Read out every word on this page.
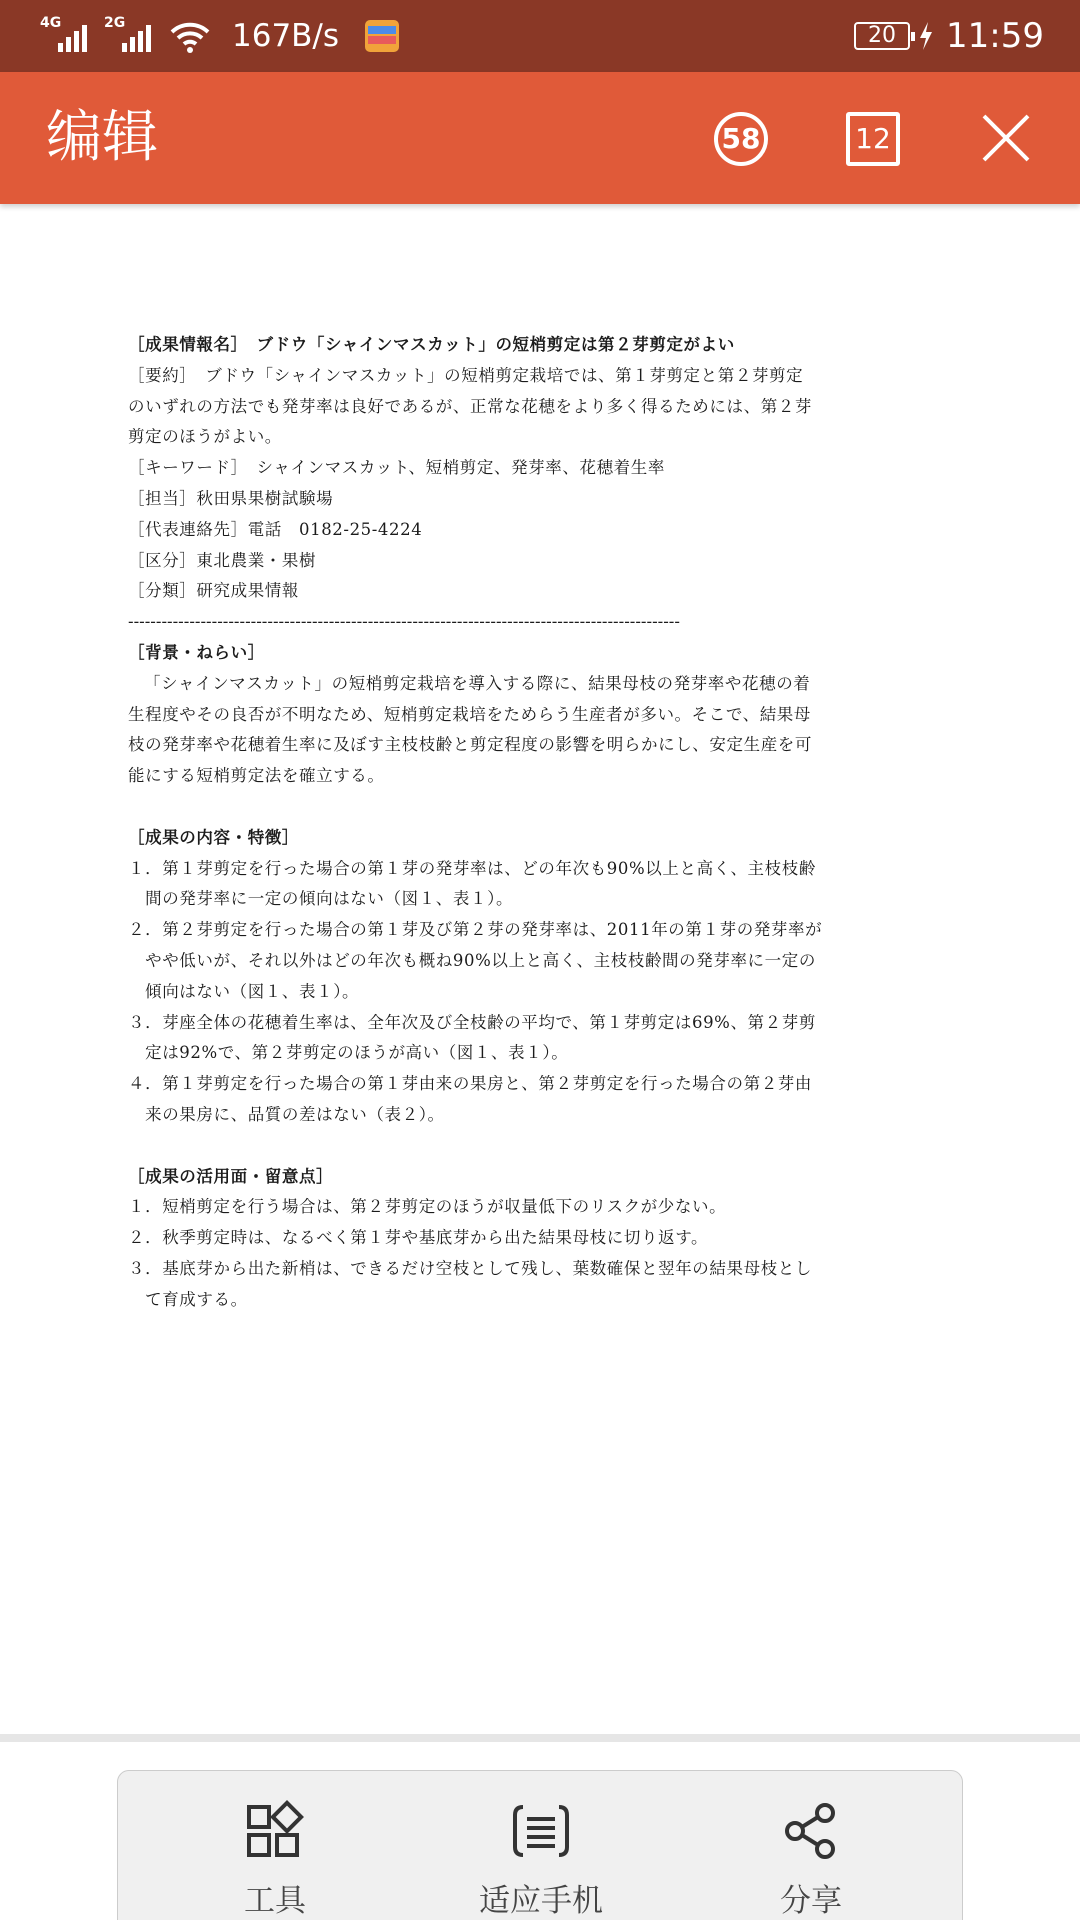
4G	2G	167B/s	20	11:59
编辑	58	12
［成果情報名］　ブドウ「シャインマスカット」の短梢剪定は第２芽剪定がよい
［要約］　ブドウ「シャインマスカット」の短梢剪定栽培では、第１芽剪定と第２芽剪定
のいずれの方法でも発芽率は良好であるが、正常な花穂をより多く得るためには、第２芽
剪定のほうがよい。
［キーワード］　シャインマスカット、短梢剪定、発芽率、花穂着生率
［担当］秋田県果樹試験場
［代表連絡先］電話　0182-25-4224
［区分］東北農業・果樹
［分類］研究成果情報
---------------------------------------------------------------------------------------------------
［背景・ねらい］
「シャインマスカット」の短梢剪定栽培を導入する際に、結果母枝の発芽率や花穂の着
生程度やその良否が不明なため、短梢剪定栽培をためらう生産者が多い。そこで、結果母
枝の発芽率や花穂着生率に及ぼす主枝枝齢と剪定程度の影響を明らかにし、安定生産を可
能にする短梢剪定法を確立する。
［成果の内容・特徴］
１．第１芽剪定を行った場合の第１芽の発芽率は、どの年次も90%以上と高く、主枝枝齢
　間の発芽率に一定の傾向はない（図１、表１）。
２．第２芽剪定を行った場合の第１芽及び第２芽の発芽率は、2011年の第１芽の発芽率が
　やや低いが、それ以外はどの年次も概ね90%以上と高く、主枝枝齢間の発芽率に一定の
　傾向はない（図１、表１）。
３．芽座全体の花穂着生率は、全年次及び全枝齢の平均で、第１芽剪定は69%、第２芽剪
　定は92%で、第２芽剪定のほうが高い（図１、表１）。
４．第１芽剪定を行った場合の第１芽由来の果房と、第２芽剪定を行った場合の第２芽由
　来の果房に、品質の差はない（表２）。
［成果の活用面・留意点］
１．短梢剪定を行う場合は、第２芽剪定のほうが収量低下のリスクが少ない。
２．秋季剪定時は、なるべく第１芽や基底芽から出た結果母枝に切り返す。
３．基底芽から出た新梢は、できるだけ空枝として残し、葉数確保と翌年の結果母枝とし
　て育成する。
工具	适应手机	分享
